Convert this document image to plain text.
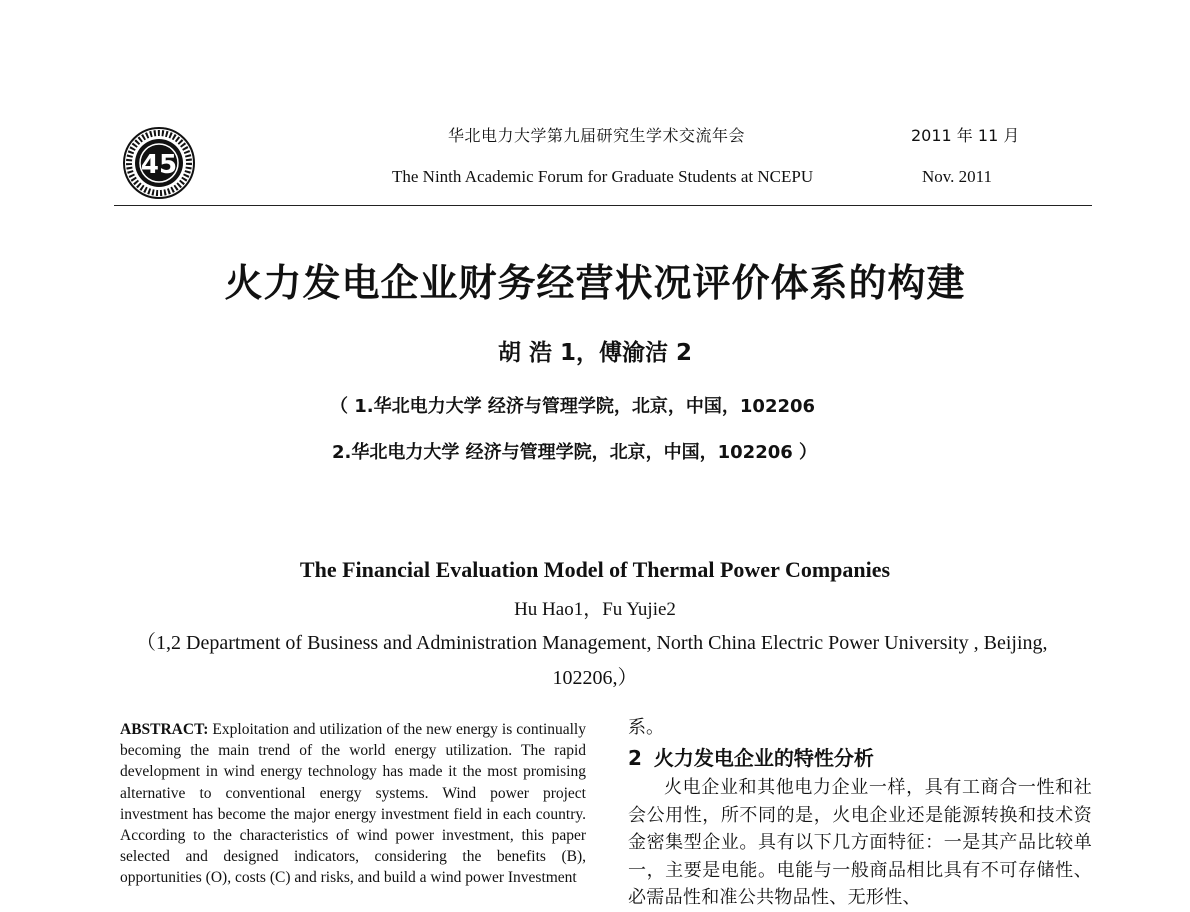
45
华北电力大学第九届研究生学术交流年会
The Ninth Academic Forum for Graduate Students at NCEPU
2011 年 11 月
Nov. 2011
火力发电企业财务经营状况评价体系的构建
胡 浩 1，傅渝洁 2
（ 1.华北电力大学 经济与管理学院，北京，中国，102206
2.华北电力大学 经济与管理学院，北京，中国，102206 ）
The Financial Evaluation Model of Thermal Power Companies
Hu Hao1，Fu Yujie2
（1,2 Department of Business and Administration Management, North China Electric Power University , Beijing,
102206,）
ABSTRACT: Exploitation and utilization of the new energy is continually becoming the main trend of the world energy utilization. The rapid development in wind energy technology has made it the most promising alternative to conventional energy systems. Wind power project investment has become the major energy investment field in each country. According to the characteristics of wind power investment, this paper selected and designed indicators, considering the benefits (B), opportunities (O), costs (C) and risks, and build a wind power Investment
系。
2 火力发电企业的特性分析
火电企业和其他电力企业一样，具有工商合一性和社会公用性，所不同的是，火电企业还是能源转换和技术资金密集型企业。具有以下几方面特征：一是其产品比较单一，主要是电能。电能与一般商品相比具有不可存储性、必需品性和准公共物品性、无形性、
